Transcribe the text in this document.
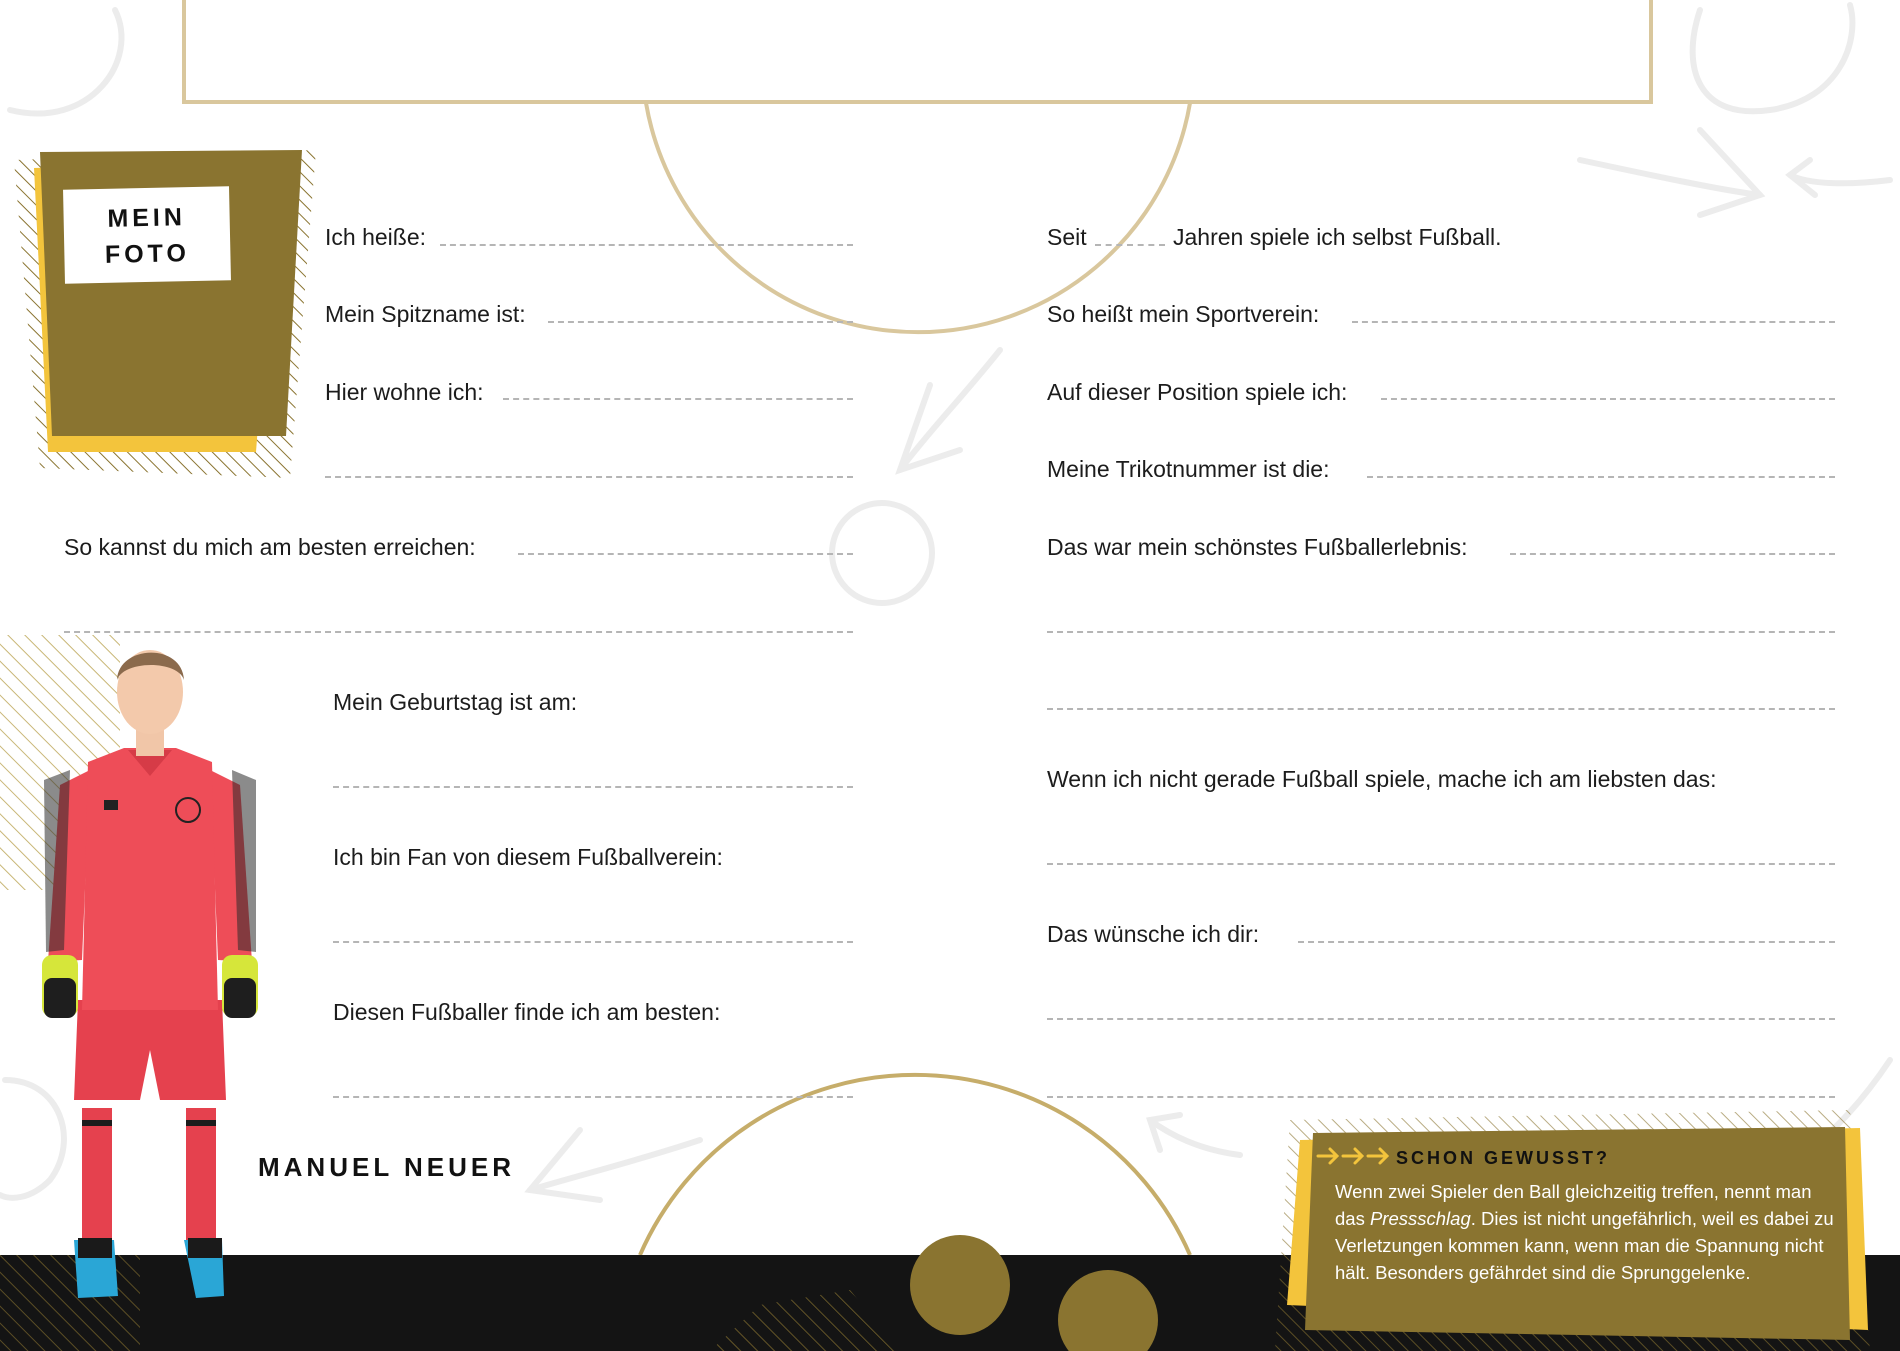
MEIN
FOTO
Ich heiße:
Mein Spitzname ist:
Hier wohne ich:
So kannst du mich am besten erreichen:
Mein Geburtstag ist am:
Ich bin Fan von diesem Fußballverein:
Diesen Fußballer finde ich am besten:
Seit	Jahren spiele ich selbst Fußball.
So heißt mein Sportverein:
Auf dieser Position spiele ich:
Meine Trikotnummer ist die:
Das war mein schönstes Fußballerlebnis:
Wenn ich nicht gerade Fußball spiele, mache ich am liebsten das:
Das wünsche ich dir:
MANUEL NEUER	SCHON GEWUSST?
Wenn zwei Spieler den Ball gleichzeitig treffen, nennt man das Pressschlag. Dies ist nicht ungefährlich, weil es dabei zu Verletzungen kommen kann, wenn man die Spannung nicht hält. Besonders gefährdet sind die Sprunggelenke.
